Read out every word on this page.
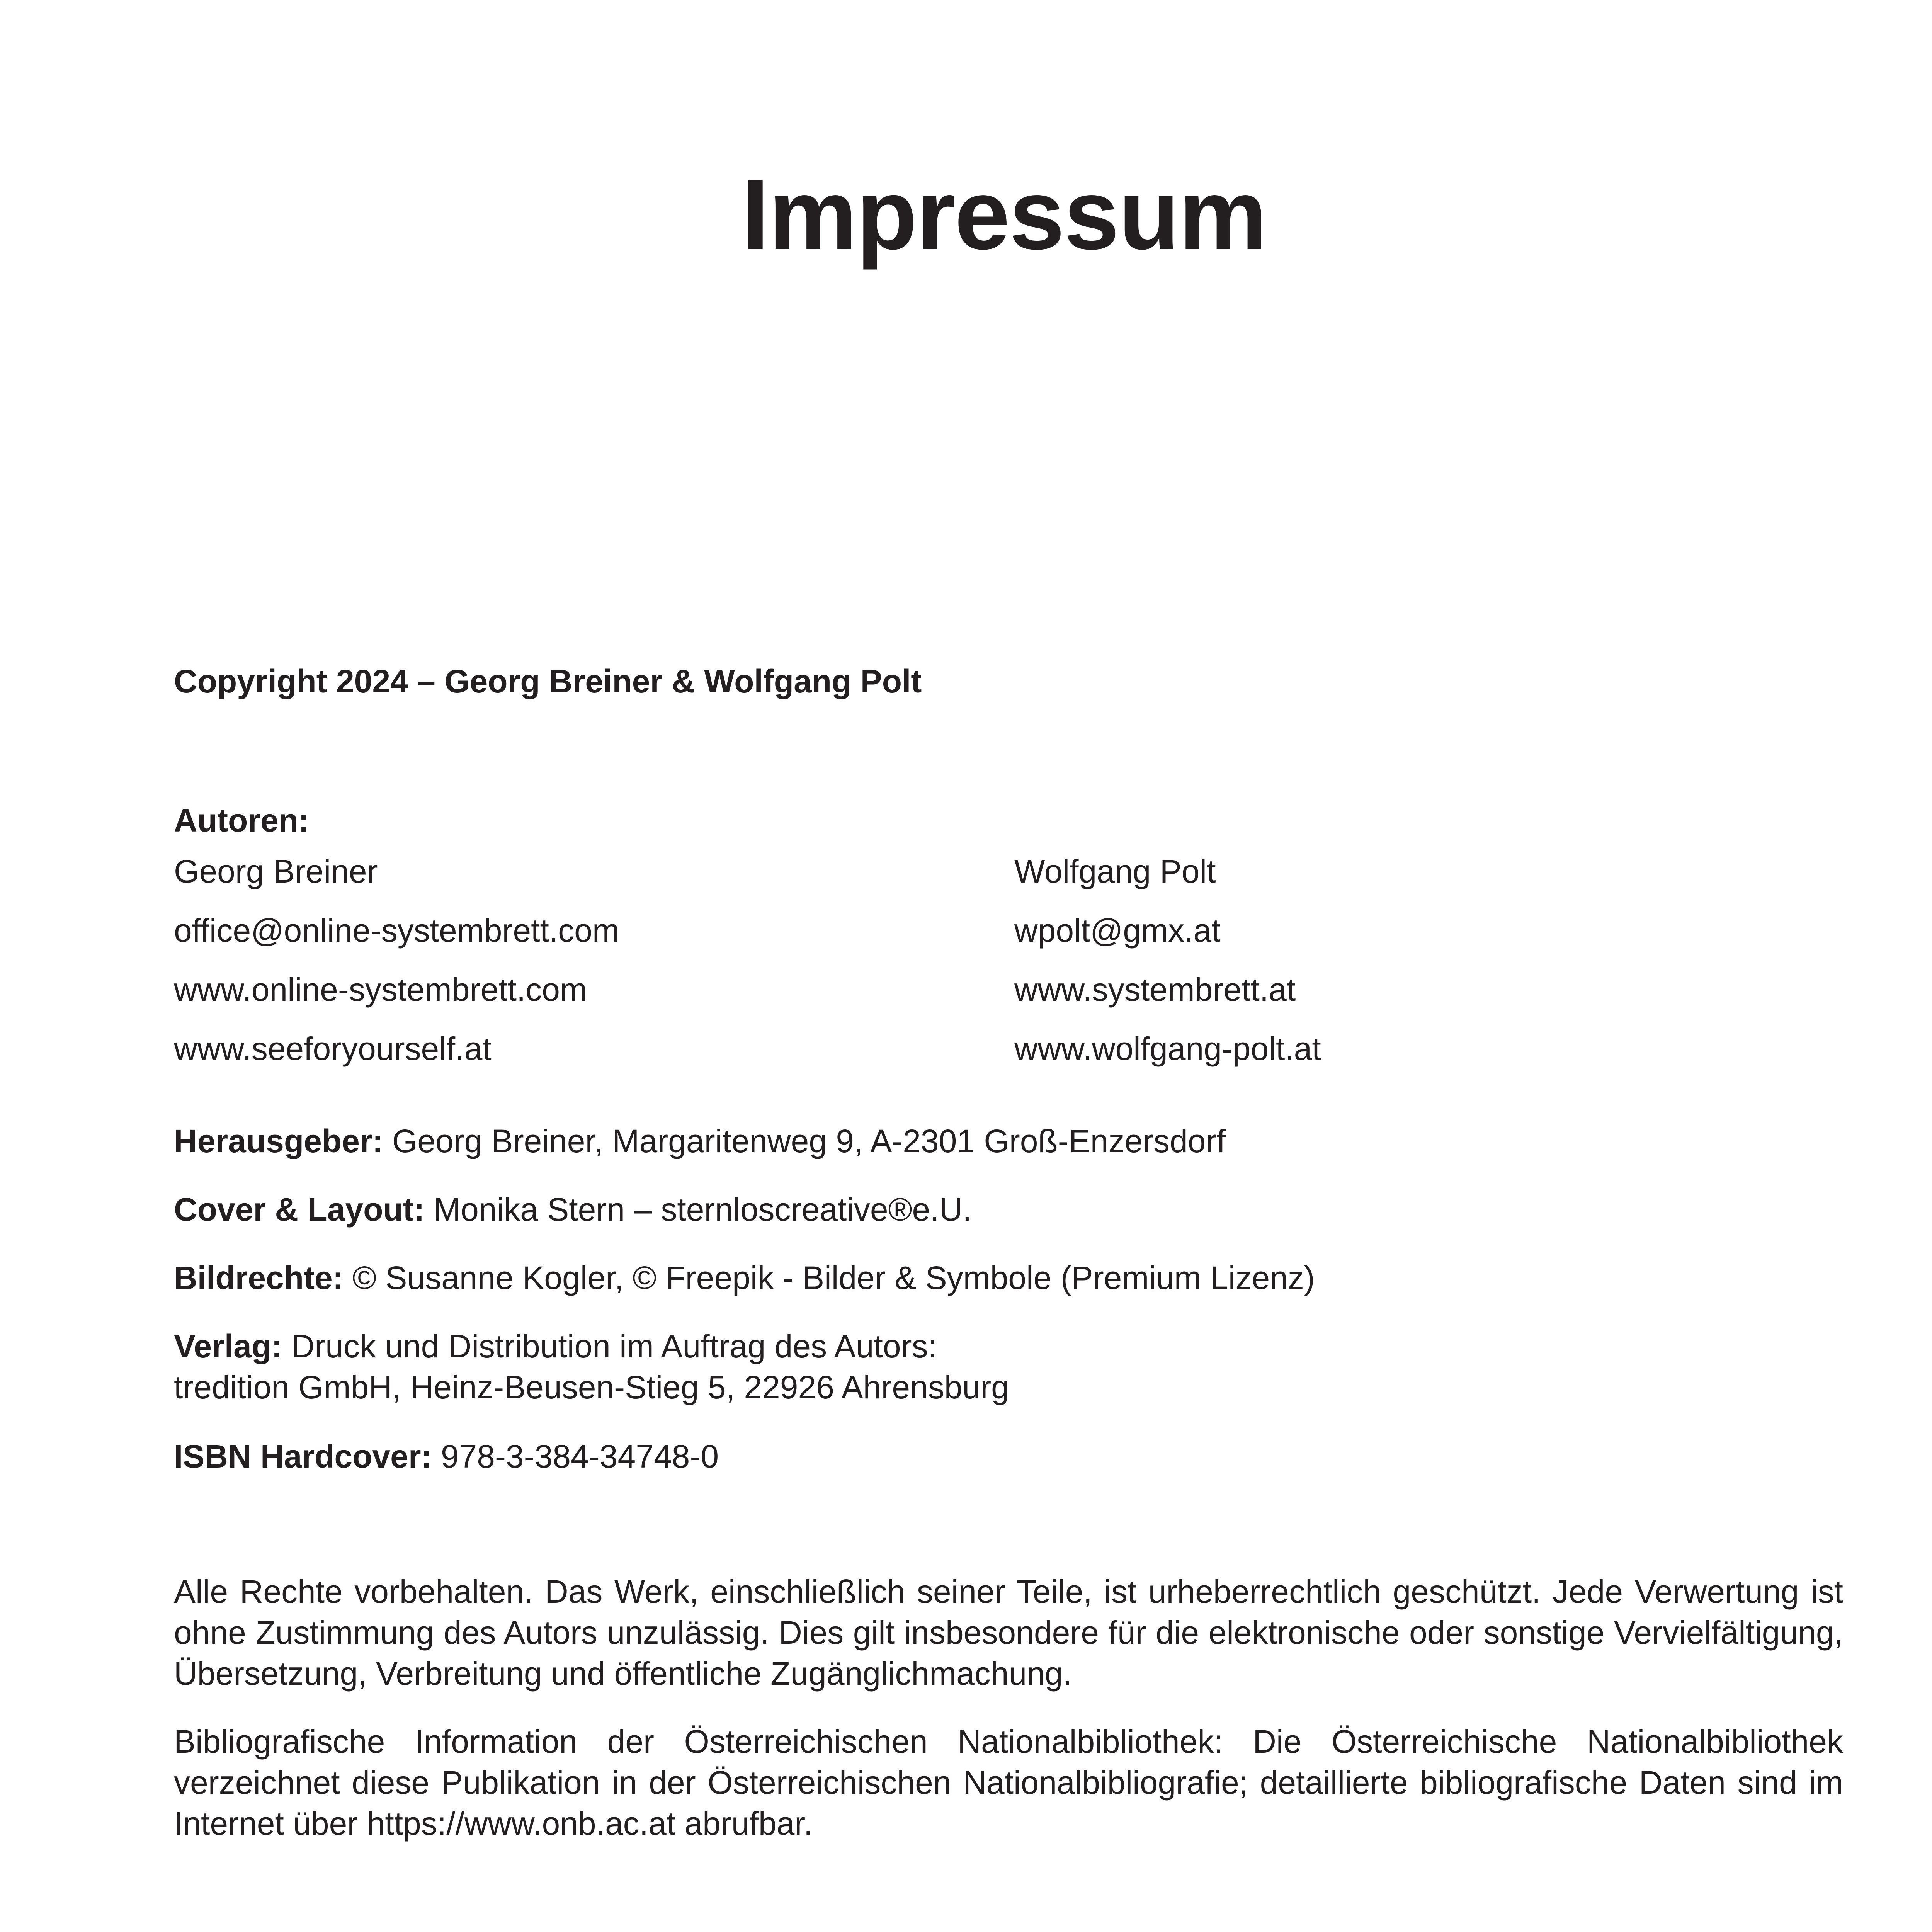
Impressum
Copyright 2024 – Georg Breiner & Wolfgang Polt
Autoren:
Georg Breiner
office@online-systembrett.com
www.online-systembrett.com
www.seeforyourself.at
Wolfgang Polt
wpolt@gmx.at
www.systembrett.at
www.wolfgang-polt.at
Herausgeber: Georg Breiner, Margaritenweg 9, A-2301 Groß-Enzersdorf
Cover & Layout: Monika Stern – sternloscreative®e.U.
Bildrechte: © Susanne Kogler, © Freepik - Bilder & Symbole (Premium Lizenz)
Verlag: Druck und Distribution im Auftrag des Autors:
tredition GmbH, Heinz-Beusen-Stieg 5, 22926 Ahrensburg
ISBN Hardcover: 978-3-384-34748-0

Alle Rechte vorbehalten. Das Werk, einschließlich seiner Teile, ist urheberrechtlich geschützt. Jede Verwertung ist ohne Zustimmung des Autors unzulässig. Dies gilt insbesondere für die elektronische oder sonstige Vervielfältigung, Übersetzung, Verbreitung und öffentliche Zugänglichmachung.

Bibliografische Information der Österreichischen Nationalbibliothek: Die Österreichische Nationalbibliothek verzeichnet diese Publikation in der Österreichischen Nationalbibliografie; detaillierte bibliografische Daten sind im Internet über https://www.onb.ac.at abrufbar.
